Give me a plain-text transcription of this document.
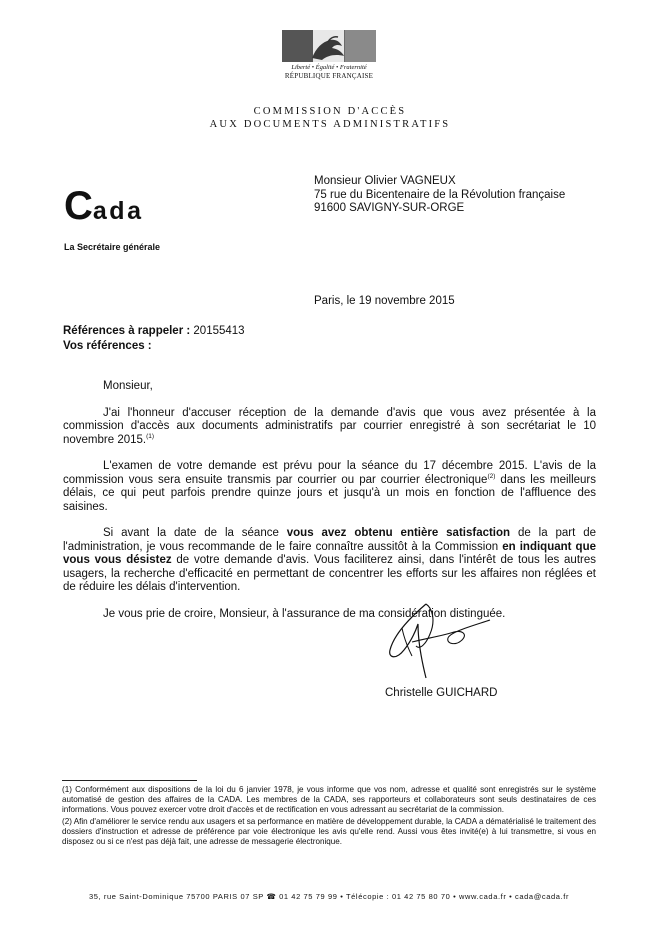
Liberté • Égalité • Fraternité
RÉPUBLIQUE FRANÇAISE
COMMISSION D'ACCÈS
AUX DOCUMENTS ADMINISTRATIFS
Cada
La Secrétaire générale
Monsieur Olivier VAGNEUX
75 rue du Bicentenaire de la Révolution française
91600 SAVIGNY-SUR-ORGE
Paris, le 19 novembre 2015
Références à rappeler : 20155413
Vos références :

Monsieur,

J'ai l'honneur d'accuser réception de la demande d'avis que vous avez présentée à la commission d'accès aux documents administratifs par courrier enregistré à son secrétariat le 10 novembre 2015.$^{(1)}$

L'examen de votre demande est prévu pour la séance du 17 décembre 2015. L'avis de la commission vous sera ensuite transmis par courrier ou par courrier électronique$^{(2)}$ dans les meilleurs délais, ce qui peut parfois prendre quinze jours et jusqu'à un mois en fonction de l'affluence des saisines.

Si avant la date de la séance vous avez obtenu entière satisfaction de la part de l'administration, je vous recommande de le faire connaître aussitôt à la Commission en indiquant que vous vous désistez de votre demande d'avis. Vous faciliterez ainsi, dans l'intérêt de tous les autres usagers, la recherche d'efficacité en permettant de concentrer les efforts sur les affaires non réglées et de réduire les délais d'intervention.

Je vous prie de croire, Monsieur, à l'assurance de ma considération distinguée.

Christelle GUICHARD

(1) Conformément aux dispositions de la loi du 6 janvier 1978, je vous informe que vos nom, adresse et qualité sont enregistrés sur le système automatisé de gestion des affaires de la CADA. Les membres de la CADA, ses rapporteurs et collaborateurs sont seuls destinataires de ces informations. Vous pouvez exercer votre droit d'accès et de rectification en vous adressant au secrétariat de la commission.

(2) Afin d'améliorer le service rendu aux usagers et sa performance en matière de développement durable, la CADA a dématérialisé le traitement des dossiers d'instruction et adresse de préférence par voie électronique les avis qu'elle rend. Aussi vous êtes invité(e) à lui transmettre, si vous en disposez ou si ce n'est pas déjà fait, une adresse de messagerie électronique.

35, rue Saint-Dominique 75700 PARIS 07 SP ☎ 01 42 75 79 99 • Télécopie : 01 42 75 80 70 • www.cada.fr • cada@cada.fr
